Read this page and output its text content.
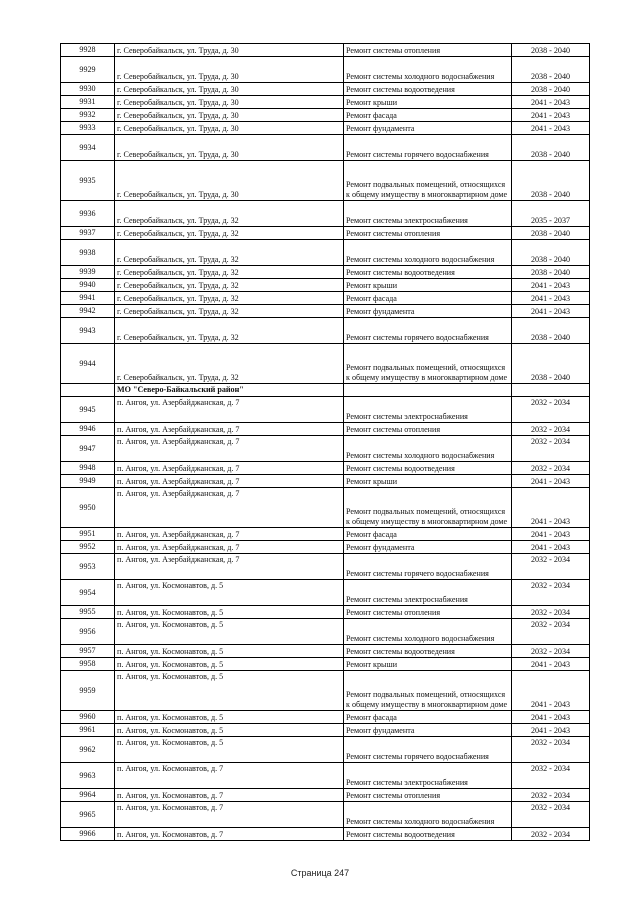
9928	г. Северобайкальск, ул. Труда, д. 30	Ремонт системы отопления	2038 - 2040
9929	г. Северобайкальск, ул. Труда, д. 30	Ремонт системы холодного водоснабжения	2038 - 2040
9930	г. Северобайкальск, ул. Труда, д. 30	Ремонт системы водоотведения	2038 - 2040
9931	г. Северобайкальск, ул. Труда, д. 30	Ремонт крыши	2041 - 2043
9932	г. Северобайкальск, ул. Труда, д. 30	Ремонт фасада	2041 - 2043
9933	г. Северобайкальск, ул. Труда, д. 30	Ремонт фундамента	2041 - 2043
9934	г. Северобайкальск, ул. Труда, д. 30	Ремонт системы горячего водоснабжения	2038 - 2040
9935	г. Северобайкальск, ул. Труда, д. 30	Ремонт подвальных помещений, относящихся к общему имуществу в многоквартирном доме	2038 - 2040
9936	г. Северобайкальск, ул. Труда, д. 32	Ремонт системы электроснабжения	2035 - 2037
9937	г. Северобайкальск, ул. Труда, д. 32	Ремонт системы отопления	2038 - 2040
9938	г. Северобайкальск, ул. Труда, д. 32	Ремонт системы холодного водоснабжения	2038 - 2040
9939	г. Северобайкальск, ул. Труда, д. 32	Ремонт системы водоотведения	2038 - 2040
9940	г. Северобайкальск, ул. Труда, д. 32	Ремонт крыши	2041 - 2043
9941	г. Северобайкальск, ул. Труда, д. 32	Ремонт фасада	2041 - 2043
9942	г. Северобайкальск, ул. Труда, д. 32	Ремонт фундамента	2041 - 2043
9943	г. Северобайкальск, ул. Труда, д. 32	Ремонт системы горячего водоснабжения	2038 - 2040
9944	г. Северобайкальск, ул. Труда, д. 32	Ремонт подвальных помещений, относящихся к общему имуществу в многоквартирном доме	2038 - 2040
	МО "Северо-Байкальский район"		
9945	п. Ангоя, ул. Азербайджанская, д. 7	Ремонт системы электроснабжения	2032 - 2034
9946	п. Ангоя, ул. Азербайджанская, д. 7	Ремонт системы отопления	2032 - 2034
9947	п. Ангоя, ул. Азербайджанская, д. 7	Ремонт системы холодного водоснабжения	2032 - 2034
9948	п. Ангоя, ул. Азербайджанская, д. 7	Ремонт системы водоотведения	2032 - 2034
9949	п. Ангоя, ул. Азербайджанская, д. 7	Ремонт крыши	2041 - 2043
9950	п. Ангоя, ул. Азербайджанская, д. 7	Ремонт подвальных помещений, относящихся к общему имуществу в многоквартирном доме	2041 - 2043
9951	п. Ангоя, ул. Азербайджанская, д. 7	Ремонт фасада	2041 - 2043
9952	п. Ангоя, ул. Азербайджанская, д. 7	Ремонт фундамента	2041 - 2043
9953	п. Ангоя, ул. Азербайджанская, д. 7	Ремонт системы горячего водоснабжения	2032 - 2034
9954	п. Ангоя, ул. Космонавтов, д. 5	Ремонт системы электроснабжения	2032 - 2034
9955	п. Ангоя, ул. Космонавтов, д. 5	Ремонт системы отопления	2032 - 2034
9956	п. Ангоя, ул. Космонавтов, д. 5	Ремонт системы холодного водоснабжения	2032 - 2034
9957	п. Ангоя, ул. Космонавтов, д. 5	Ремонт системы водоотведения	2032 - 2034
9958	п. Ангоя, ул. Космонавтов, д. 5	Ремонт крыши	2041 - 2043
9959	п. Ангоя, ул. Космонавтов, д. 5	Ремонт подвальных помещений, относящихся к общему имуществу в многоквартирном доме	2041 - 2043
9960	п. Ангоя, ул. Космонавтов, д. 5	Ремонт фасада	2041 - 2043
9961	п. Ангоя, ул. Космонавтов, д. 5	Ремонт фундамента	2041 - 2043
9962	п. Ангоя, ул. Космонавтов, д. 5	Ремонт системы горячего водоснабжения	2032 - 2034
9963	п. Ангоя, ул. Космонавтов, д. 7	Ремонт системы электроснабжения	2032 - 2034
9964	п. Ангоя, ул. Космонавтов, д. 7	Ремонт системы отопления	2032 - 2034
9965	п. Ангоя, ул. Космонавтов, д. 7	Ремонт системы холодного водоснабжения	2032 - 2034
9966	п. Ангоя, ул. Космонавтов, д. 7	Ремонт системы водоотведения	2032 - 2034
Страница 247
